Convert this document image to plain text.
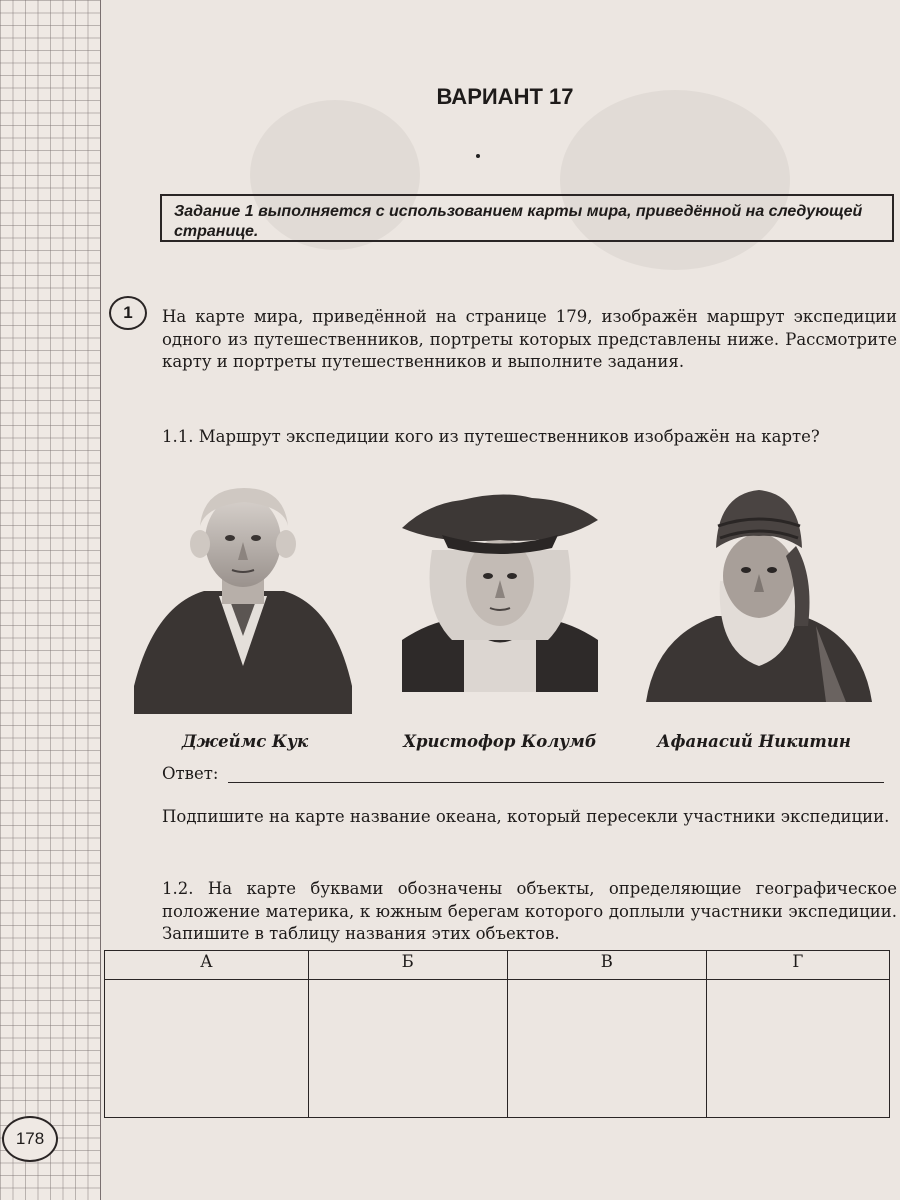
ВАРИАНТ 17
Задание 1 выполняется с использованием карты мира, приведённой на следующей странице.
1	На карте мира, приведённой на странице 179, изображён маршрут экспедиции одного из путешественников, портреты которых представлены ниже. Рассмотрите карту и портреты путешественников и выполните задания.
1.1. Маршрут экспедиции кого из путешественников изображён на карте?
Джеймс Кук	Христофор Колумб	Афанасий Никитин
Ответ:
Подпишите на карте название океана, который пересекли участники экспедиции.
1.2. На карте буквами обозначены объекты, определяющие географическое положение материка, к южным берегам которого доплыли участники экспедиции. Запишите в таблицу названия этих объектов.
А	Б	В	Г

178
